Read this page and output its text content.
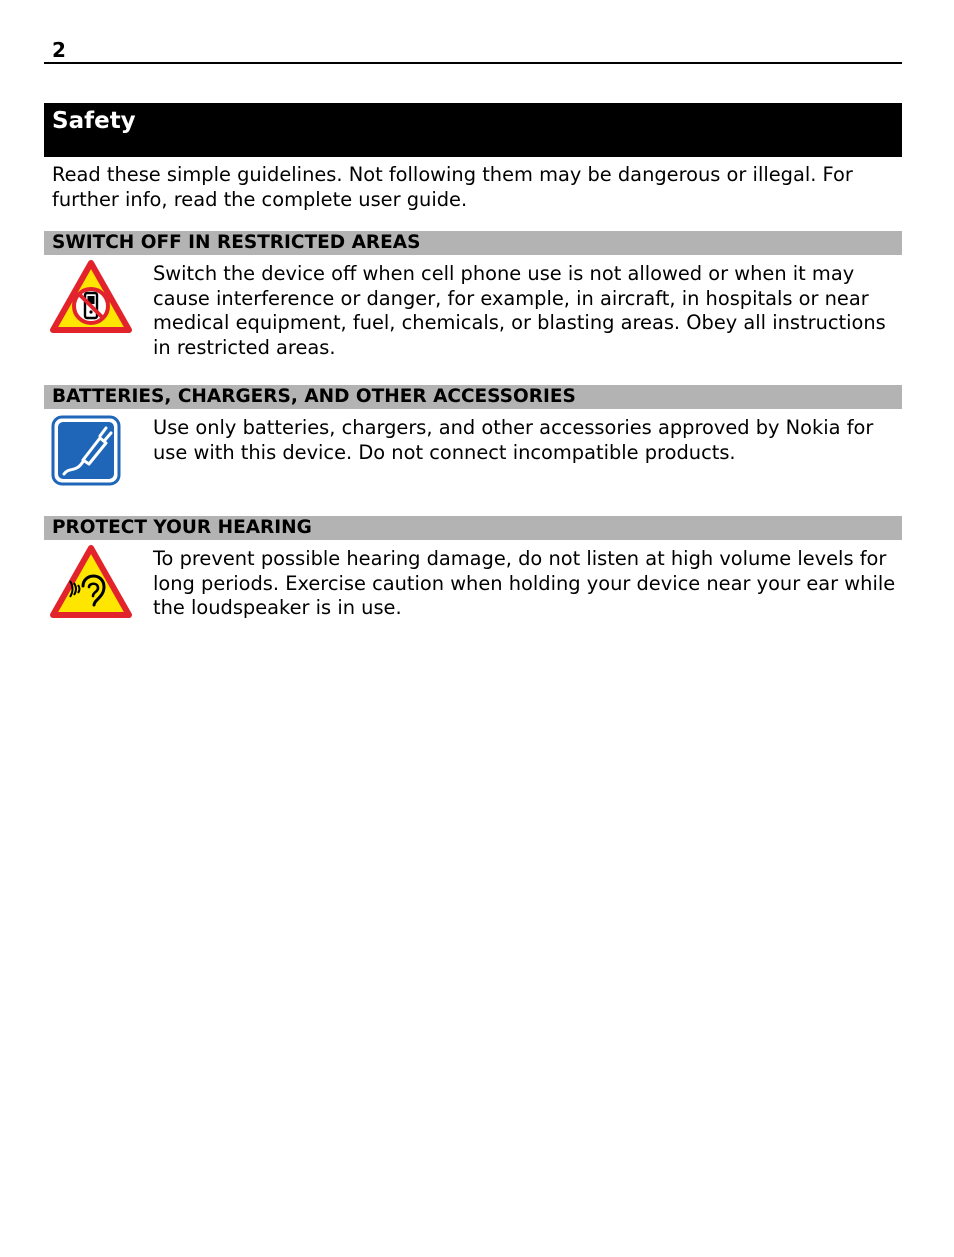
2
Safety

Read these simple guidelines. Not following them may be dangerous or illegal. For further info, read the complete user guide.

SWITCH OFF IN RESTRICTED AREAS

Switch the device off when cell phone use is not allowed or when it may cause interference or danger, for example, in aircraft, in hospitals or near medical equipment, fuel, chemicals, or blasting areas. Obey all instructions in restricted areas.

BATTERIES, CHARGERS, AND OTHER ACCESSORIES

Use only batteries, chargers, and other accessories approved by Nokia for use with this device. Do not connect incompatible products.

PROTECT YOUR HEARING

To prevent possible hearing damage, do not listen at high volume levels for long periods. Exercise caution when holding your device near your ear while the loudspeaker is in use.
